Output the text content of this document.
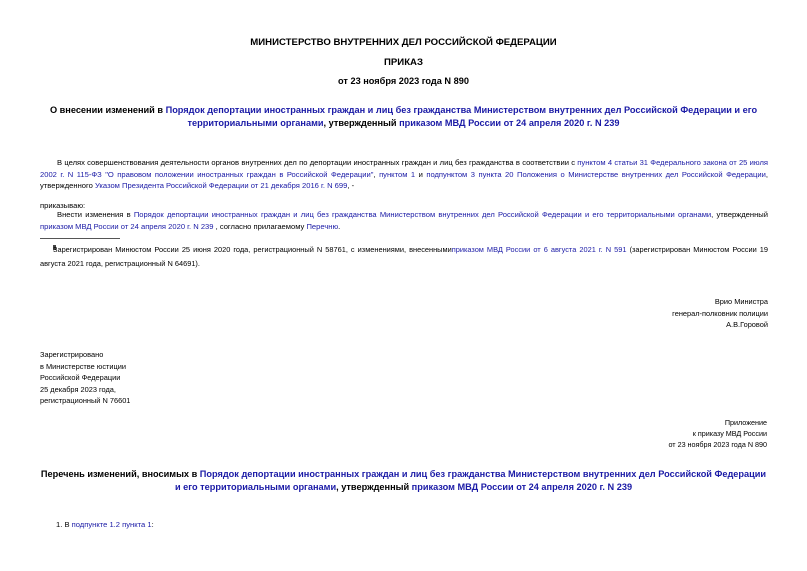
МИНИСТЕРСТВО ВНУТРЕННИХ ДЕЛ РОССИЙСКОЙ ФЕДЕРАЦИИ
ПРИКАЗ
от 23 ноября 2023 года N 890
О внесении изменений в Порядок депортации иностранных граждан и лиц без гражданства Министерством внутренних дел Российской Федерации и его территориальными органами, утвержденный приказом МВД России от 24 апреля 2020 г. N 239
В целях совершенствования деятельности органов внутренних дел по депортации иностранных граждан и лиц без гражданства в соответствии с пунктом 4 статьи 31 Федерального закона от 25 июля 2002 г. N 115-ФЗ "О правовом положении иностранных граждан в Российской Федерации", пунктом 1 и подпунктом 3 пункта 20 Положения о Министерстве внутренних дел Российской Федерации, утвержденного Указом Президента Российской Федерации от 21 декабря 2016 г. N 699, -
приказываю:
Внести изменения в Порядок депортации иностранных граждан и лиц без гражданства Министерством внутренних дел Российской Федерации и его территориальными органами, утвержденный приказом МВД России от 24 апреля 2020 г. N 239 , согласно прилагаемому Перечню.
Зарегистрирован Минюстом России 25 июня 2020 года, регистрационный N 58761, с изменениями, внесеннымиприказом МВД России от 6 августа 2021 г. N 591 (зарегистрирован Минюстом России 19 августа 2021 года, регистрационный N 64691).
Врио Министра
генерал-полковник полиции
А.В.Горовой
Зарегистрировано
в Министерстве юстиции
Российской Федерации
25 декабря 2023 года,
регистрационный N 76601
Приложение
к приказу МВД России
от 23 ноября 2023 года N 890
Перечень изменений, вносимых в Порядок депортации иностранных граждан и лиц без гражданства Министерством внутренних дел Российской Федерации и его территориальными органами, утвержденный приказом МВД России от 24 апреля 2020 г. N 239
1. В подпункте 1.2 пункта 1:
